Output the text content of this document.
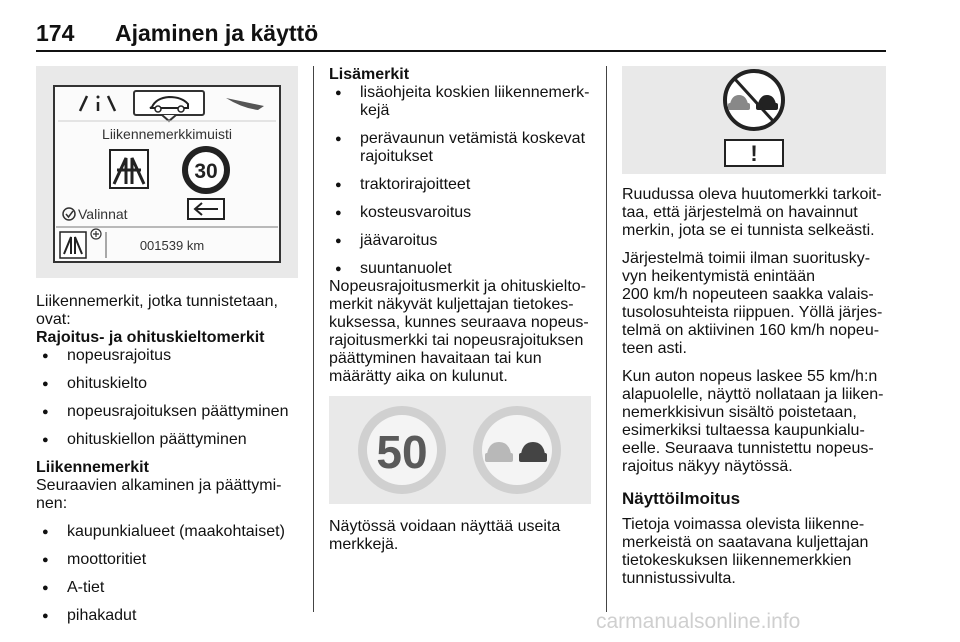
174 Ajaminen ja käyttö
Liikennemerkkimuisti
30
Valinnat
001539 km

Liikennemerkit, jotka tunnistetaan,

ovat:

Rajoitus- ja ohituskieltomerkit

● nopeusrajoitus

● ohituskielto

● nopeusrajoituksen päättyminen

● ohituskiellon päättyminen

Liikennemerkit

Seuraavien alkaminen ja päättymi-

nen:

● kaupunkialueet (maakohtaiset)

● moottoritiet

● A-tiet

● pihakadut

Lisämerkit

● lisäohjeita koskien liikennemerk-

kejä

● perävaunun vetämistä koskevat

rajoitukset

● traktorirajoitteet

● kosteusvaroitus

● jäävaroitus

● suuntanuolet

Nopeusrajoitusmerkit ja ohituskielto-

merkit näkyvät kuljettajan tietokes-

kuksessa, kunnes seuraava nopeus-

rajoitusmerkki tai nopeusrajoituksen

päättyminen havaitaan tai kun

määrätty aika on kulunut.

50

Näytössä voidaan näyttää useita

merkkejä.

!

Ruudussa oleva huutomerkki tarkoit-

taa, että järjestelmä on havainnut

merkin, jota se ei tunnista selkeästi.

Järjestelmä toimii ilman suoritusky-

vyn heikentymistä enintään

200 km/h nopeuteen saakka valais-

tusolosuhteista riippuen. Yöllä järjes-

telmä on aktiivinen 160 km/h nopeu-

teen asti.

Kun auton nopeus laskee 55 km/h:n

alapuolelle, näyttö nollataan ja liiken-

nemerkkisivun sisältö poistetaan,

esimerkiksi tultaessa kaupunkialu-

eelle. Seuraava tunnistettu nopeus-

rajoitus näkyy näytössä.

Näyttöilmoitus

Tietoja voimassa olevista liikenne-

merkeistä on saatavana kuljettajan

tietokeskuksen liikennemerkkien

tunnistussivulta.

carmanualsonline.info
